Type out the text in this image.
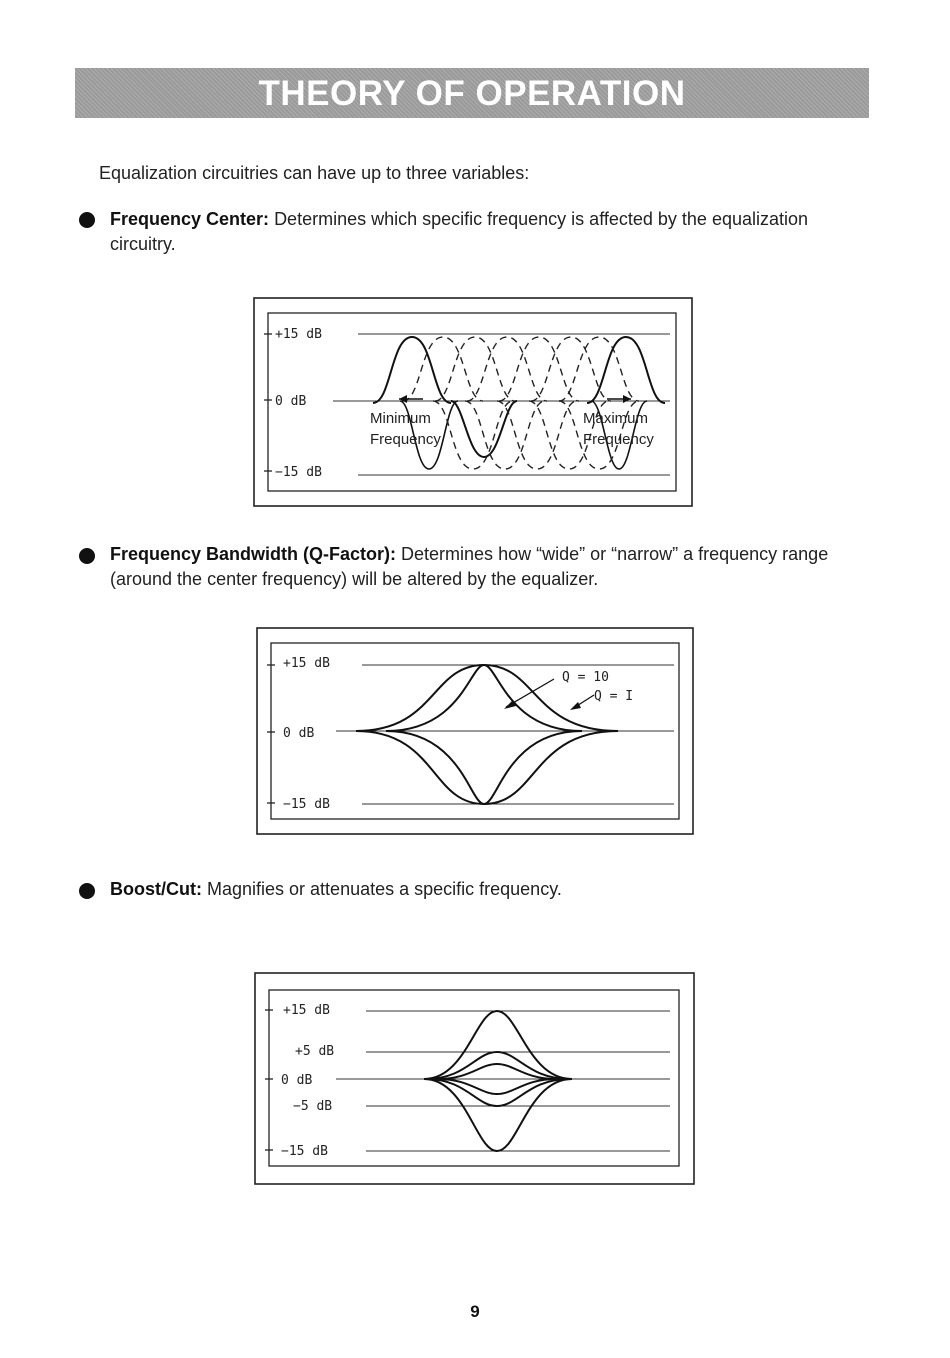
THEORY OF OPERATION
Equalization circuitries can have up to three variables:
Frequency Center: Determines which specific frequency is affected by the equalization circuitry.
+15 dB
0 dB
−15 dB
Minimum
Frequency
Maximum
Frequency
Frequency Bandwidth (Q-Factor): Determines how “wide” or “narrow” a frequency range (around the center frequency) will be altered by the equalizer.
+15 dB
0 dB
−15 dB
Q = 10
Q = I
Boost/Cut: Magnifies or attenuates a specific frequency.
+15 dB
+5 dB
0 dB
−5 dB
−15 dB
9
